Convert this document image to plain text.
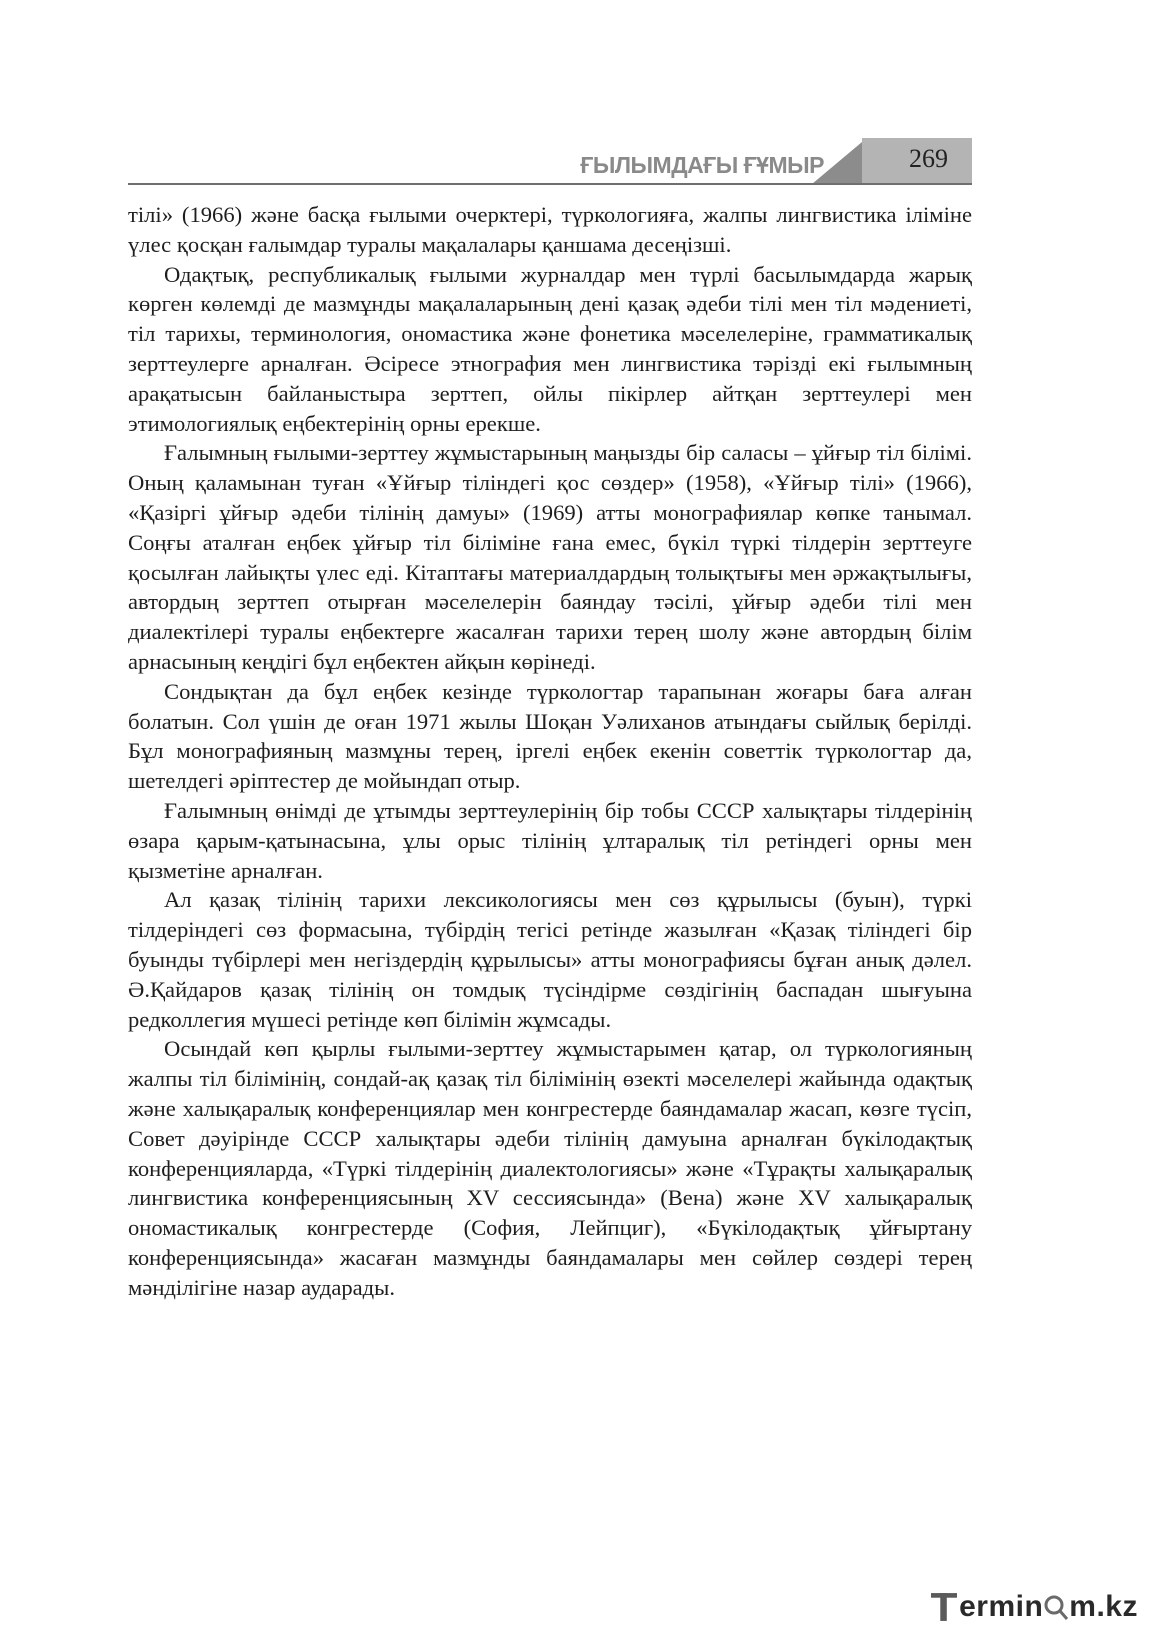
ҒЫЛЫМДАҒЫ ҒҰМЫР	269

тілі» (1966) және басқа ғылыми очерктері, түркологияға, жалпы лингвистика іліміне үлес қосқан ғалымдар туралы мақалалары қаншама десеңізші.

Одақтық, республикалық ғылыми журналдар мен түрлі басылымдарда жарық көрген көлемді де мазмұнды мақалаларының дені қазақ әдеби тілі мен тіл мәдениеті, тіл тарихы, терминология, ономастика және фонетика мәселелеріне, грамматикалық зерттеулерге арналған. Әсіресе этнография мен лингвистика тәрізді екі ғылымның арақатысын байланыстыра зерттеп, ойлы пікірлер айтқан зерттеулері мен этимологиялық еңбектерінің орны ерекше.

Ғалымның ғылыми-зерттеу жұмыстарының маңызды бір саласы – ұйғыр тіл білімі. Оның қаламынан туған «Ұйғыр тіліндегі қос сөздер» (1958), «Ұйғыр тілі» (1966), «Қазіргі ұйғыр әдеби тілінің дамуы» (1969) атты монографиялар көпке танымал. Соңғы аталған еңбек ұйғыр тіл біліміне ғана емес, бүкіл түркі тілдерін зерттеуге қосылған лайықты үлес еді. Кітаптағы материалдардың толықтығы мен әржақтылығы, автордың зерттеп отырған мәселелерін баяндау тәсілі, ұйғыр әдеби тілі мен диалектілері туралы еңбектерге жасалған тарихи терең шолу және автордың білім арнасының кеңдігі бұл еңбектен айқын көрінеді.

Сондықтан да бұл еңбек кезінде түркологтар тарапынан жоғары баға алған болатын. Сол үшін де оған 1971 жылы Шоқан Уәлиханов атындағы сыйлық берілді. Бұл монографияның мазмұны терең, іргелі еңбек екенін советтік түркологтар да, шетелдегі әріптестер де мойындап отыр.

Ғалымның өнімді де ұтымды зерттеулерінің бір тобы СССР халықтары тілдерінің өзара қарым-қатынасына, ұлы орыс тілінің ұлтаралық тіл ретіндегі орны мен қызметіне арналған.

Ал қазақ тілінің тарихи лексикологиясы мен сөз құрылысы (буын), түркі тілдеріндегі сөз формасына, түбірдің тегісі ретінде жазылған «Қазақ тіліндегі бір буынды түбірлері мен негіздердің құрылысы» атты монографиясы бұған анық дәлел. Ә.Қайдаров қазақ тілінің он томдық түсіндірме сөздігінің баспадан шығуына редколлегия мүшесі ретінде көп білімін жұмсады.

Осындай көп қырлы ғылыми-зерттеу жұмыстарымен қатар, ол түркологияның жалпы тіл білімінің, сондай-ақ қазақ тіл білімінің өзекті мәселелері жайында одақтық және халықаралық конференциялар мен конгрестерде баяндамалар жасап, көзге түсіп, Совет дәуірінде СССР халықтары әдеби тілінің дамуына арналған бүкілодақтық конференцияларда, «Түркі тілдерінің диалектологиясы» және «Тұрақты халықаралық лингвистика конференциясының XV сессиясында» (Вена) және XV халықаралық ономастикалық конгрестерде (София, Лейпциг), «Бүкілодақтық ұйғыртану конференциясында» жасаған мазмұнды баяндамалары мен сөйлер сөздері терең мәнділігіне назар аударады.

ermin m.kz
